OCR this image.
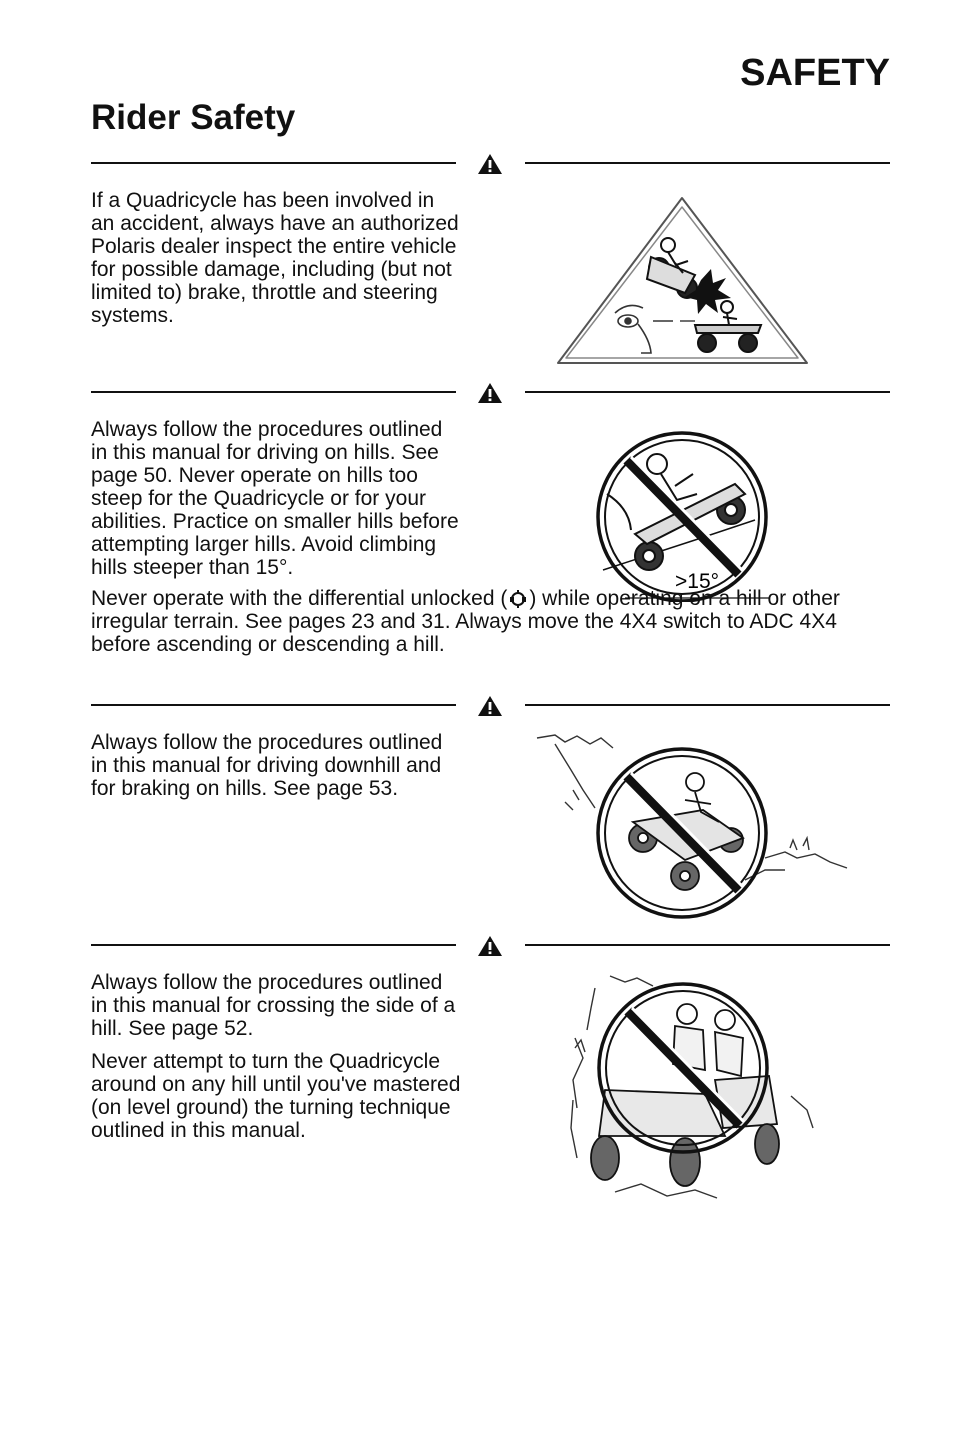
SAFETY
Rider Safety

If a Quadricycle has been involved in an accident, always have an authorized Polaris dealer inspect the entire vehicle for possible damage, including (but not limited to) brake, throttle and steering systems.

Always follow the procedures outlined in this manual for driving on hills. See page 50. Never operate on hills too steep for the Quadricycle or for your abilities. Practice on smaller hills before attempting larger hills. Avoid climbing hills steeper than 15°.

Never operate with the differential unlocked ( ) while operating on a hill or other irregular terrain. See pages 23 and 31. Always move the 4X4 switch to ADC 4X4 before ascending or descending a hill.

>15°

Always follow the procedures outlined in this manual for driving downhill and for braking on hills. See page 53.

Always follow the procedures outlined in this manual for crossing the side of a hill. See page 52.
Never attempt to turn the Quadricycle around on any hill until you've mastered (on level ground) the turning technique outlined in this manual.
